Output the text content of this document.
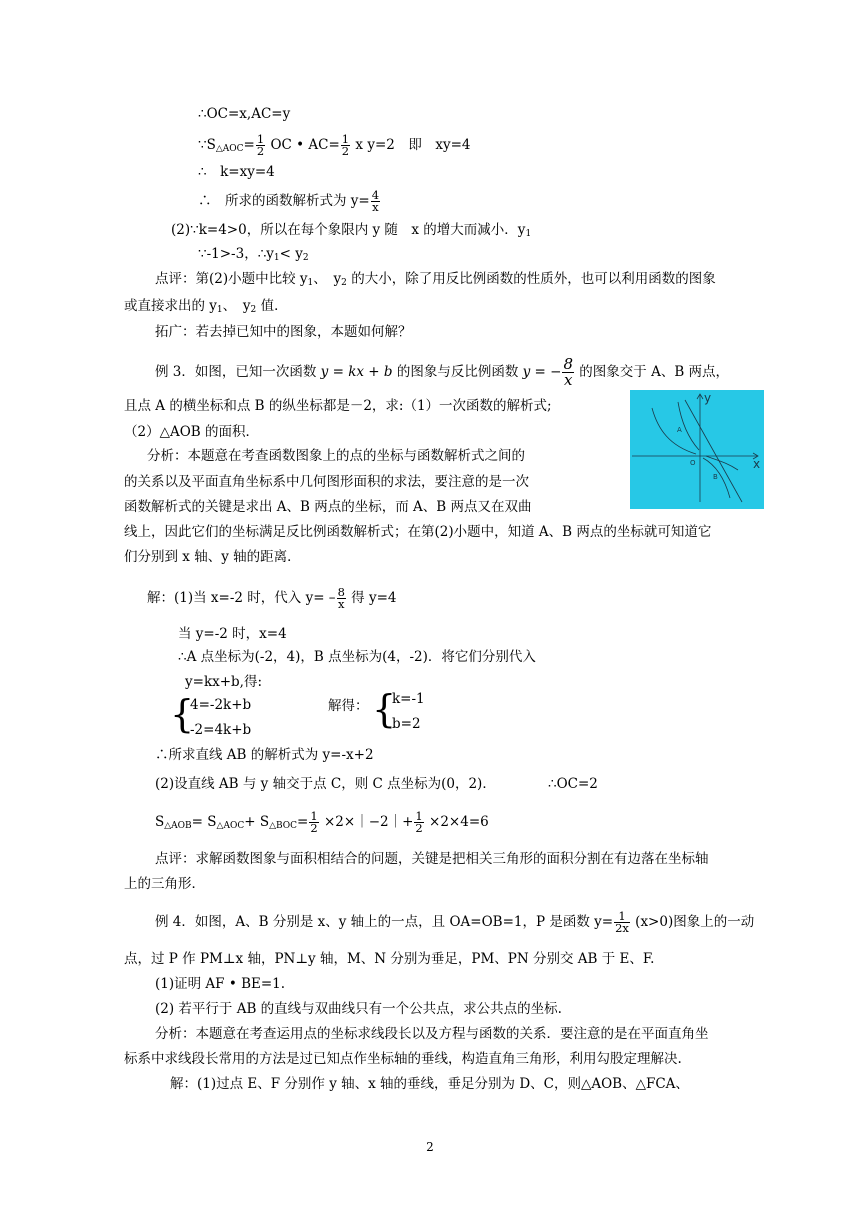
∴OC=x,AC=y
$\because S_{\triangle AOC}= \frac{1}{2}$ OC • $AC= \frac{1}{2}$ x y=2　即　xy=4
∴　k=xy=4
∴　所求的函数解析式为 $y= \frac{4}{x}$
(2)∵k=4>0，所以在每个象限内 y 随　x 的增大而减小．$y_1$
∵-1>-3，$\therefore y_1< y_2$
点评：第(2)小题中比较 $y_1$、　$y_2$ 的大小，除了用反比例函数的性质外，也可以利用函数的图象
或直接求出的 $y_1$、　$y_2$ 值．
拓广：若去掉已知中的图象，本题如何解？
例 3．如图，已知一次函数 y = kx + b 的图象与反比例函数 y = − $\frac{8}{x}$ 的图象交于 A、B 两点，
且点 A 的横坐标和点 B 的纵坐标都是－2，求:（1）一次函数的解析式;
（2）△AOB 的面积．
分析：本题意在考查函数图象上的点的坐标与函数解析式之间的
的关系以及平面直角坐标系中几何图形面积的求法，要注意的是一次
函数解析式的关键是求出 A、B 两点的坐标，而 A、B 两点又在双曲
线上，因此它们的坐标满足反比例函数解析式；在第(2)小题中，知道 A、B 两点的坐标就可知道它
们分别到 x 轴、y 轴的距离．
解：(1)当 x=-2 时，代入 $y= - \frac{8}{x}$ 得 y=4
当 y=-2 时，x=4
∴A 点坐标为(-2，4)，B 点坐标为(4，-2)．将它们分别代入
y=kx+b,得:
{
4=-2k+b
-2=4k+b
解得： {
k=-1
b=2
∴所求直线 AB 的解析式为 y=-x+2
(2)设直线 AB 与 y 轴交于点 C，则 C 点坐标为(0，2)．	∴OC=2
$S_{\triangle AOB}= S_{\triangle AOC}+ S_{\triangle BOC}= \frac{1}{2}$ ×2×｜−2｜+ $\frac{1}{2} \times 2\times 4=6$
点评：求解函数图象与面积相结合的问题，关键是把相关三角形的面积分割在有边落在坐标轴
上的三角形．
例 4．如图，A、B 分别是 x、y 轴上的一点，且 OA=OB=1，P 是函数 $y= \frac{1}{2x} (x>0)$图象上的一动
点，过 P 作 PM⊥x 轴，PN⊥y 轴，M、N 分别为垂足，PM、PN 分别交 AB 于 E、F.
(1)证明 AF • BE=1.
(2) 若平行于 AB 的直线与双曲线只有一个公共点，求公共点的坐标.
分析：本题意在考查运用点的坐标求线段长以及方程与函数的关系．要注意的是在平面直角坐
标系中求线段长常用的方法是过已知点作坐标轴的垂线，构造直角三角形，利用勾股定理解决.
解：(1)过点 E、F 分别作 y 轴、x 轴的垂线，垂足分别为 D、C，则△AOB、△FCA、
y
x
A
B
O
2
